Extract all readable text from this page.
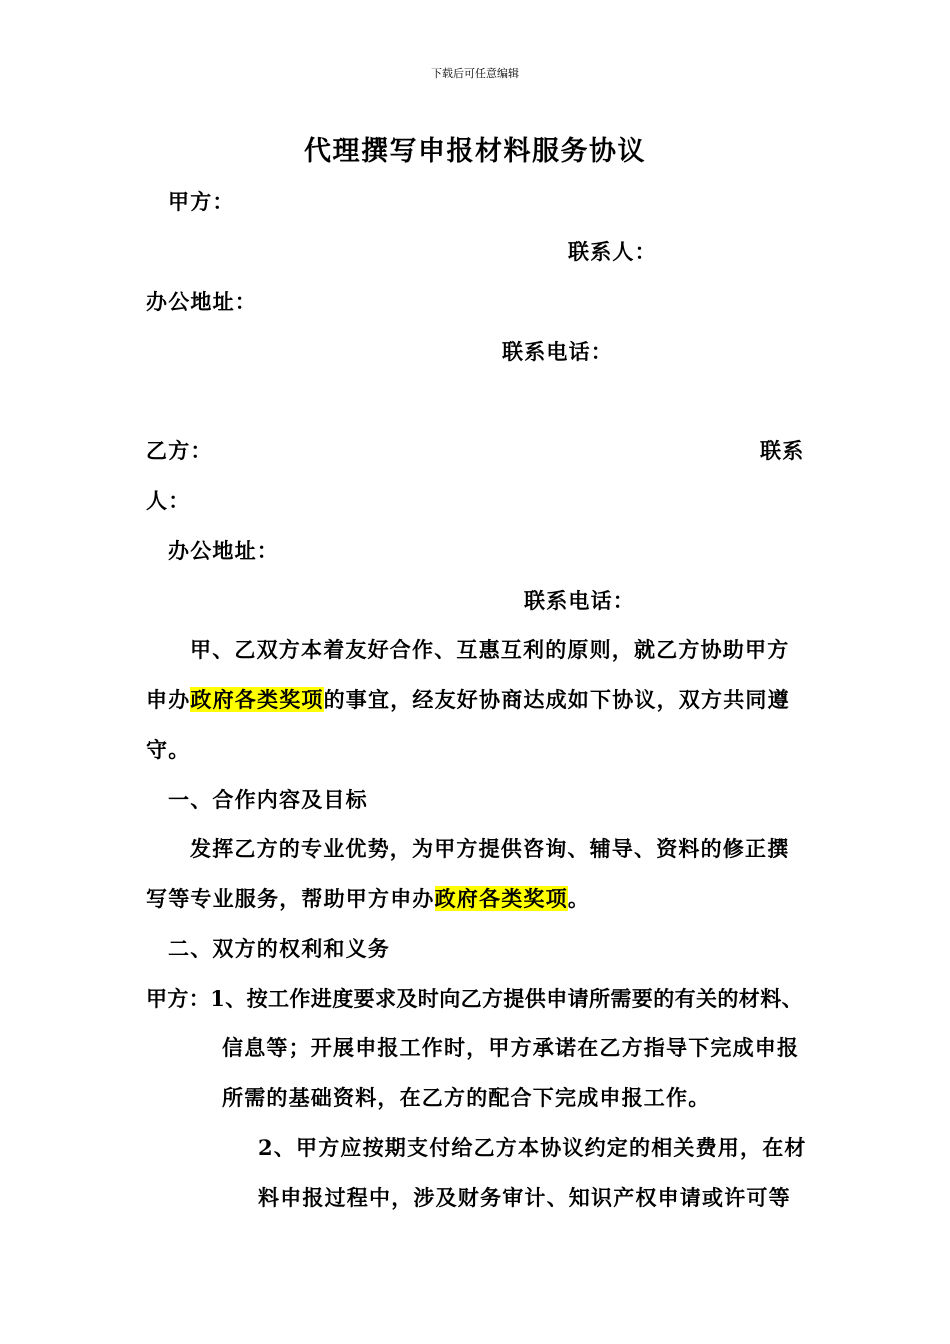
下载后可任意编辑
代理撰写申报材料服务协议
甲方：
联系人：
办公地址：
联系电话：
乙方：	联系
人：
办公地址：
联系电话：
甲、乙双方本着友好合作、互惠互利的原则，就乙方协助甲方
申办政府各类奖项的事宜，经友好协商达成如下协议，双方共同遵
守。
一、合作内容及目标
发挥乙方的专业优势，为甲方提供咨询、辅导、资料的修正撰
写等专业服务，帮助甲方申办政府各类奖项。
二、双方的权利和义务
甲方：1、按工作进度要求及时向乙方提供申请所需要的有关的材料、
信息等；开展申报工作时，甲方承诺在乙方指导下完成申报
所需的基础资料，在乙方的配合下完成申报工作。
2、甲方应按期支付给乙方本协议约定的相关费用，在材
料申报过程中，涉及财务审计、知识产权申请或许可等
